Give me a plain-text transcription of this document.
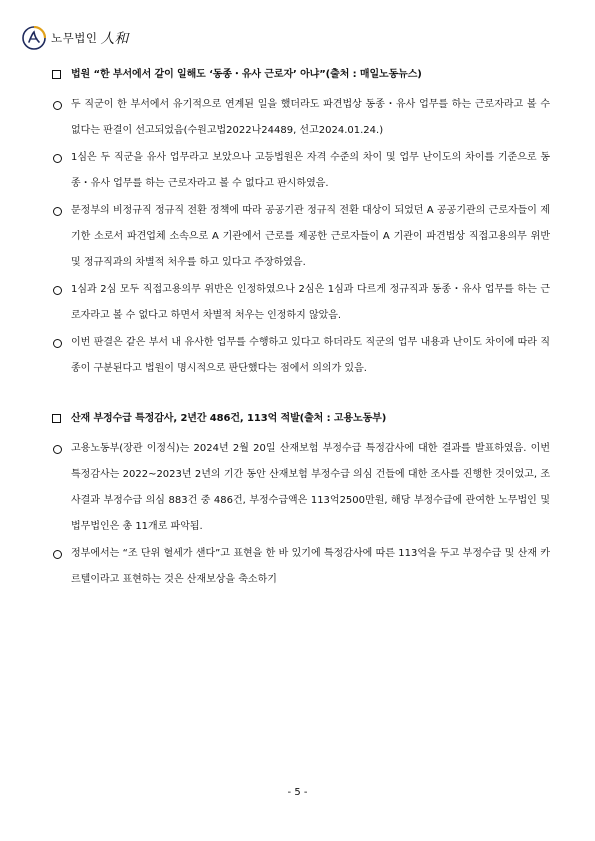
노무법인 人和
법원 “한 부서에서 같이 일해도 ‘동종・유사 근로자’ 아냐”(출처 : 매일노동뉴스)
두 직군이 한 부서에서 유기적으로 연계된 일을 했더라도 파견법상 동종・유사 업무를 하는 근로자라고 볼 수 없다는 판결이 선고되었음(수원고법2022나24489, 선고2024.01.24.)
1심은 두 직군을 유사 업무라고 보았으나 고등법원은 자격 수준의 차이 및 업무 난이도의 차이를 기준으로 동종・유사 업무를 하는 근로자라고 볼 수 없다고 판시하였음.
문정부의 비정규직 정규직 전환 정책에 따라 공공기관 정규직 전환 대상이 되었던 A 공공기관의 근로자들이 제기한 소로서 파견업체 소속으로 A 기관에서 근로를 제공한 근로자들이 A 기관이 파견법상 직접고용의무 위반 및 정규직과의 차별적 처우를 하고 있다고 주장하였음.
1심과 2심 모두 직접고용의무 위반은 인정하였으나 2심은 1심과 다르게 정규직과 동종・유사 업무를 하는 근로자라고 볼 수 없다고 하면서 차별적 처우는 인정하지 않았음.
이번 판결은 같은 부서 내 유사한 업무를 수행하고 있다고 하더라도 직군의 업무 내용과 난이도 차이에 따라 직종이 구분된다고 법원이 명시적으로 판단했다는 점에서 의의가 있음.
산재 부정수급 특정감사, 2년간 486건, 113억 적발(출처 : 고용노동부)
고용노동부(장관 이정식)는 2024년 2월 20일 산재보험 부정수급 특정감사에 대한 결과를 발표하였음. 이번 특정감사는 2022~2023년 2년의 기간 동안 산재보험 부정수급 의심 건들에 대한 조사를 진행한 것이었고, 조사결과 부정수급 의심 883건 중 486건, 부정수급액은 113억2500만원, 해당 부정수급에 관여한 노무법인 및 법무법인은 총 11개로 파악됨.
정부에서는 “조 단위 혈세가 샌다”고 표현을 한 바 있기에 특정감사에 따른 113억을 두고 부정수급 및 산재 카르텔이라고 표현하는 것은 산재보상을 축소하기
- 5 -
